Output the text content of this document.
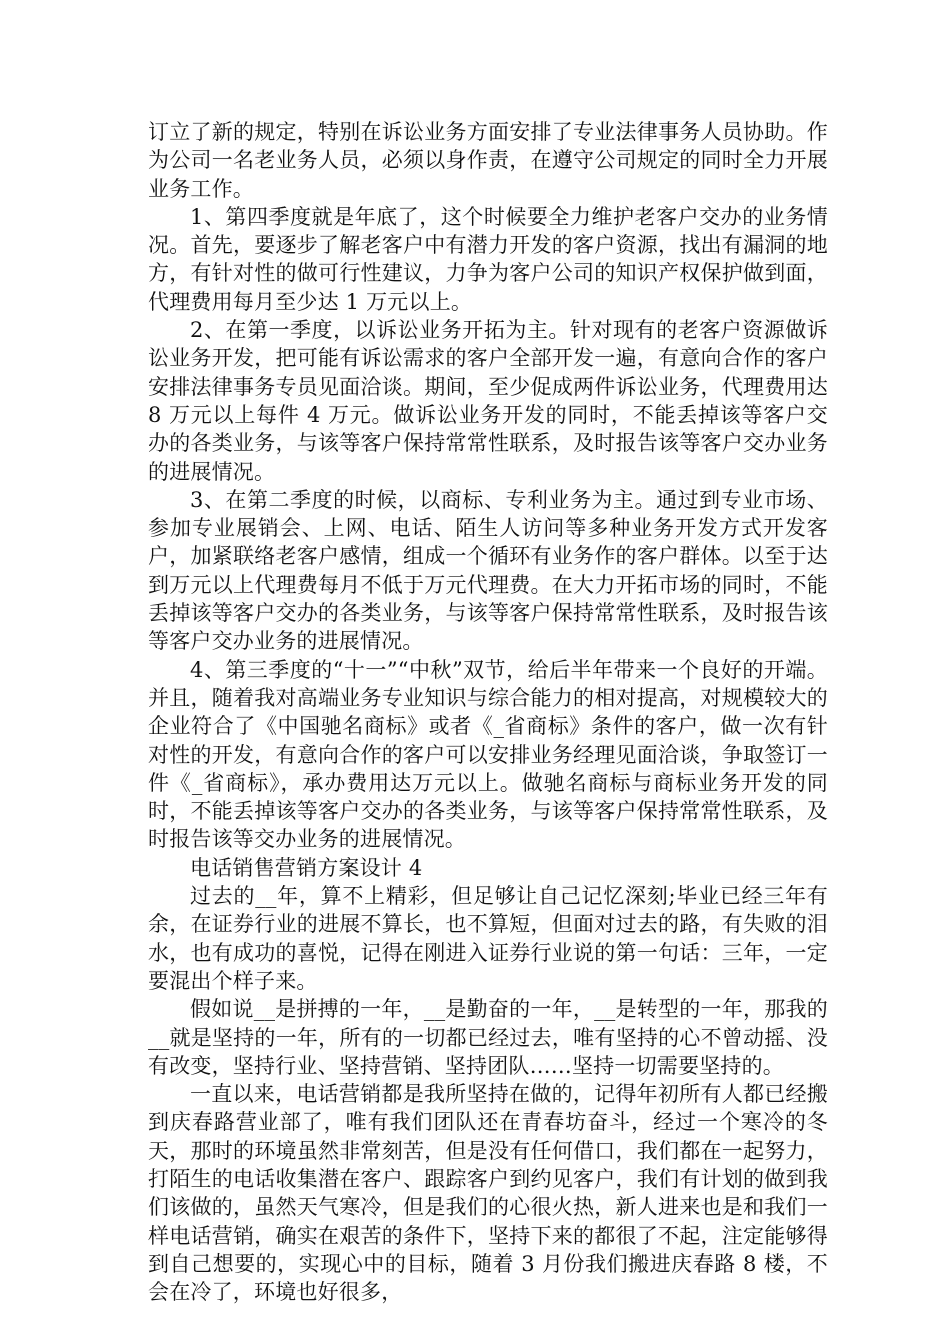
订立了新的规定，特别在诉讼业务方面安排了专业法律事务人员协助。作为公司一名老业务人员，必须以身作责，在遵守公司规定的同时全力开展业务工作。

1、第四季度就是年底了，这个时候要全力维护老客户交办的业务情况。首先，要逐步了解老客户中有潜力开发的客户资源，找出有漏洞的地方，有针对性的做可行性建议，力争为客户公司的知识产权保护做到面，代理费用每月至少达 1 万元以上。

2、在第一季度，以诉讼业务开拓为主。针对现有的老客户资源做诉讼业务开发，把可能有诉讼需求的客户全部开发一遍，有意向合作的客户安排法律事务专员见面洽谈。期间，至少促成两件诉讼业务，代理费用达 8 万元以上每件 4 万元。做诉讼业务开发的同时，不能丢掉该等客户交办的各类业务，与该等客户保持常常性联系，及时报告该等客户交办业务的进展情况。

3、在第二季度的时候，以商标、专利业务为主。通过到专业市场、参加专业展销会、上网、电话、陌生人访问等多种业务开发方式开发客户，加紧联络老客户感情，组成一个循环有业务作的客户群体。以至于达到万元以上代理费每月不低于万元代理费。在大力开拓市场的同时，不能丢掉该等客户交办的各类业务，与该等客户保持常常性联系，及时报告该等客户交办业务的进展情况。

4、第三季度的“十一”“中秋”双节，给后半年带来一个良好的开端。并且，随着我对高端业务专业知识与综合能力的相对提高，对规模较大的企业符合了《中国驰名商标》或者《_省商标》条件的客户，做一次有针对性的开发，有意向合作的客户可以安排业务经理见面洽谈，争取签订一件《_省商标》，承办费用达万元以上。做驰名商标与商标业务开发的同时，不能丢掉该等客户交办的各类业务，与该等客户保持常常性联系，及时报告该等交办业务的进展情况。

电话销售营销方案设计 4

过去的__年，算不上精彩，但足够让自己记忆深刻;毕业已经三年有余，在证券行业的进展不算长，也不算短，但面对过去的路，有失败的泪水，也有成功的喜悦，记得在刚进入证券行业说的第一句话：三年，一定要混出个样子来。

假如说__是拼搏的一年，__是勤奋的一年，__是转型的一年，那我的__就是坚持的一年，所有的一切都已经过去，唯有坚持的心不曾动摇、没有改变，坚持行业、坚持营销、坚持团队……坚持一切需要坚持的。

一直以来，电话营销都是我所坚持在做的，记得年初所有人都已经搬到庆春路营业部了，唯有我们团队还在青春坊奋斗，经过一个寒冷的冬天，那时的环境虽然非常刻苦，但是没有任何借口，我们都在一起努力，打陌生的电话收集潜在客户、跟踪客户到约见客户，我们有计划的做到我们该做的，虽然天气寒冷，但是我们的心很火热，新人进来也是和我们一样电话营销，确实在艰苦的条件下，坚持下来的都很了不起，注定能够得到自己想要的，实现心中的目标，随着 3 月份我们搬进庆春路 8 楼，不会在冷了，环境也好很多，
